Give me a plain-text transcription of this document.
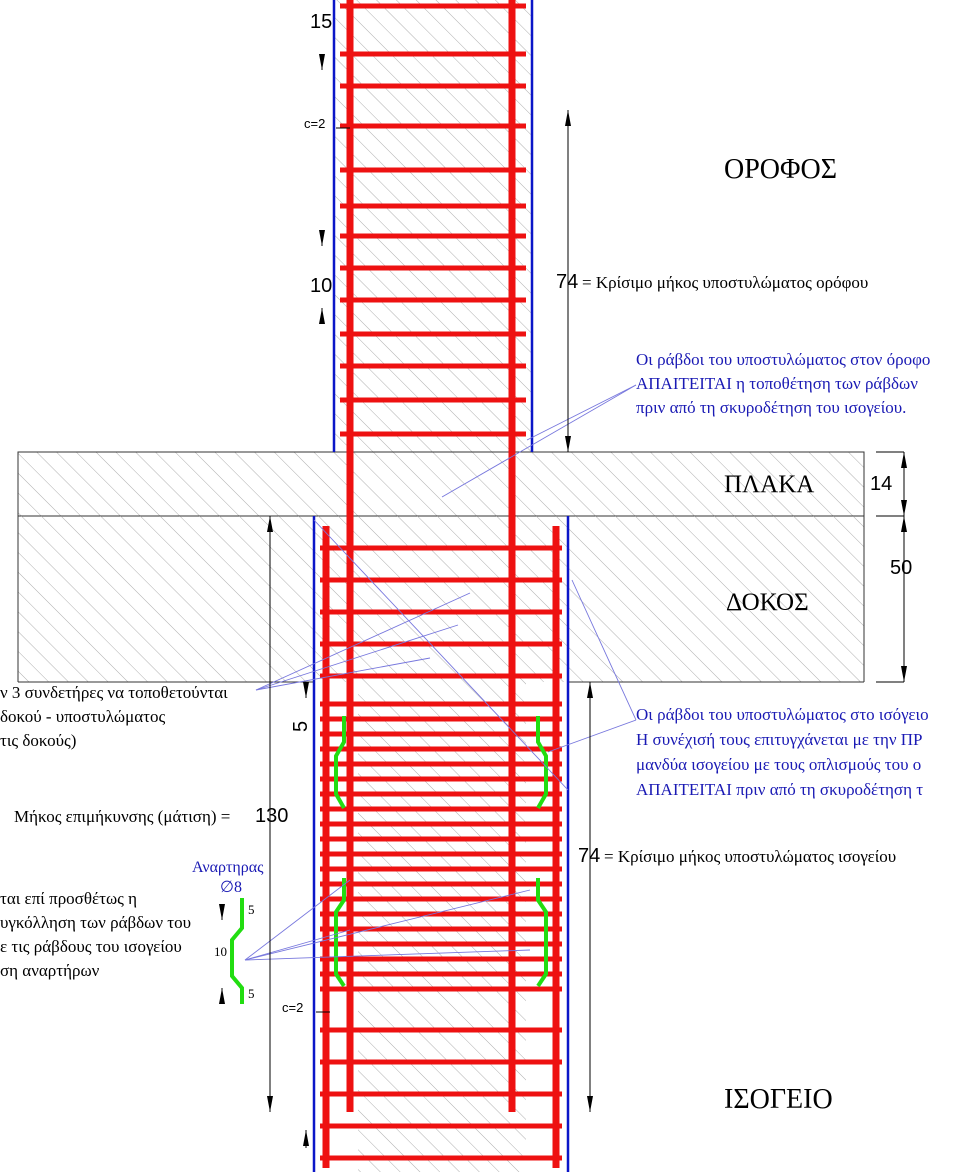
ΟΡΟΦΟΣ
ΠΛΑΚΑ
ΔΟΚΟΣ
ΙΣΟΓΕΙΟ
15
c=2
10	74 = Κρίσιμο μήκος υποστυλώματος ορόφου
14
50
5
Μήκος επιμήκυνσης (μάτιση) = 130
74 = Κρίσιμο μήκος υποστυλώματος ισογείου
c=2
5
10
5
Αναρτηρας
∅8
Οι ράβδοι του υποστυλώματος στον όροφο
ΑΠΑΙΤΕΙΤΑΙ η τοποθέτηση των ράβδων
πριν από τη σκυροδέτηση του ισογείου.
Οι ράβδοι του υποστυλώματος στο ισόγειο
Η συνέχισή τους επιτυγχάνεται με την ΠΡ
μανδύα ισογείου με τους οπλισμούς του ο
ΑΠΑΙΤΕΙΤΑΙ πριν από τη σκυροδέτηση τ
ν 3 συνδετήρες να τοποθετούνται
δοκού - υποστυλώματος
τις δοκούς)
ται επί προσθέτως η
υγκόλληση των ράβδων του
ε τις ράβδους του ισογείου
ση αναρτήρων
